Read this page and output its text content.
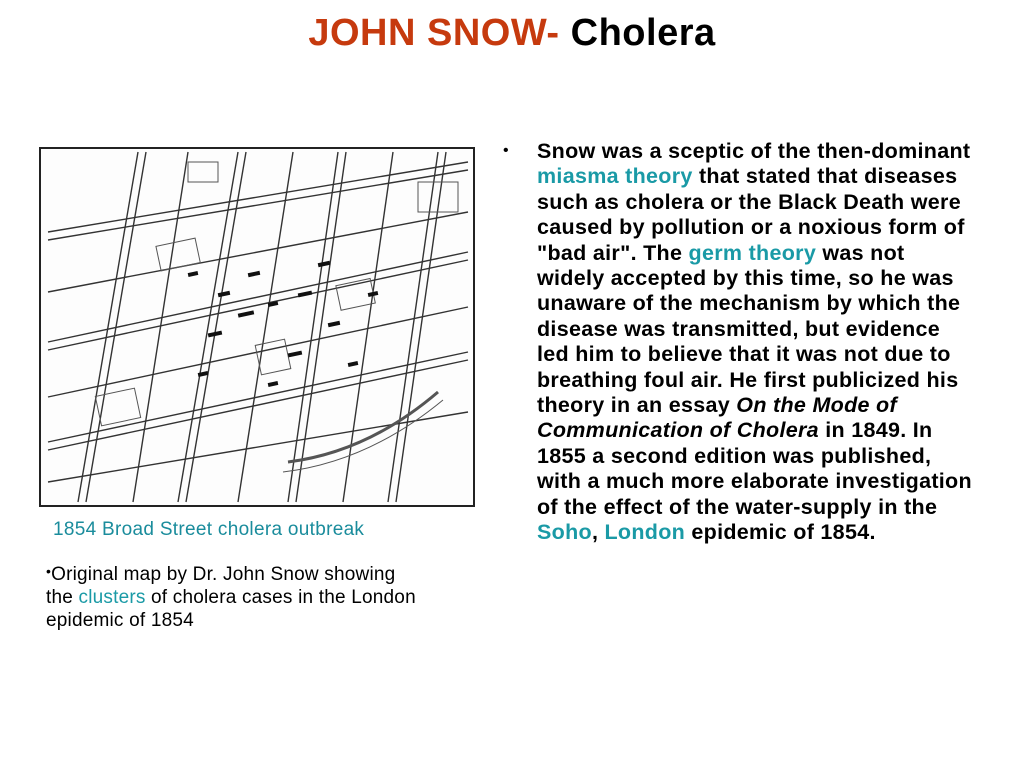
JOHN SNOW- Cholera
1854 Broad Street cholera outbreak
•Original map by Dr. John Snow showing the clusters of cholera cases in the London epidemic of 1854
• Snow was a sceptic of the then-dominant miasma theory that stated that diseases such as cholera or the Black Death were caused by pollution or a noxious form of "bad air". The germ theory was not widely accepted by this time, so he was unaware of the mechanism by which the disease was transmitted, but evidence led him to believe that it was not due to breathing foul air. He first publicized his theory in an essay On the Mode of Communication of Cholera in 1849. In 1855 a second edition was published, with a much more elaborate investigation of the effect of the water-supply in the Soho, London epidemic of 1854.
